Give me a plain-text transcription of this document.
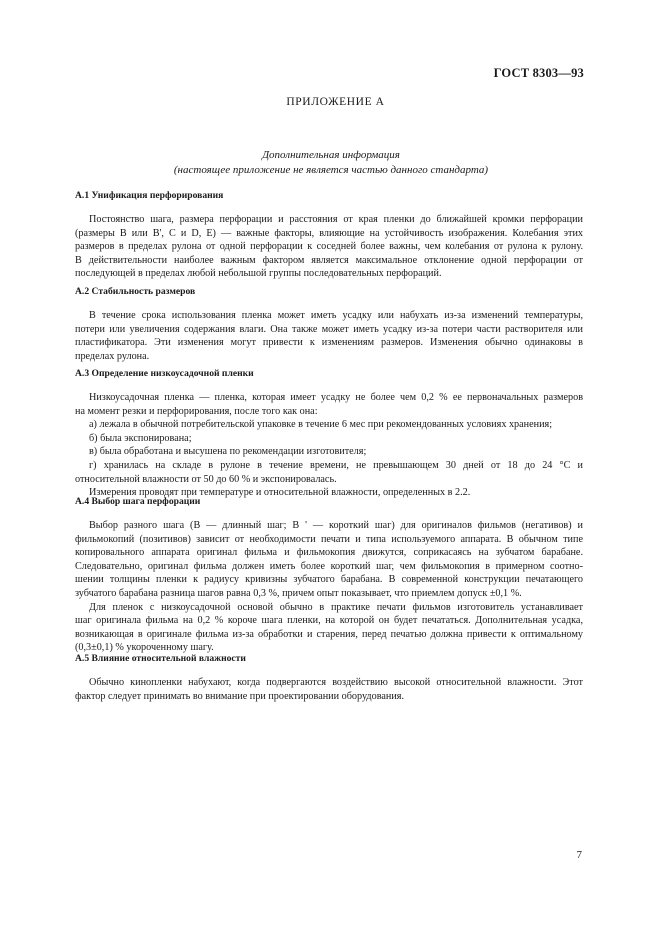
ГОСТ 8303—93
ПРИЛОЖЕНИЕ А
Дополнительная информация
(настоящее приложение не является частью данного стандарта)
А.1 Унификация перфорирования
Постоянство шага, размера перфорации и расстояния от края пленки до ближайшей кромки перфорации
(размеры B или B', C и D, E) — важные факторы, влияющие на устойчивость изображения. Колебания этих
размеров в пределах рулона от одной перфорации к соседней более важны, чем колебания от рулона к рулону.
В действительности наиболее важным фактором является максимальное отклонение одной перфорации от
последующей в пределах любой небольшой группы последовательных перфораций.
А.2 Стабильность размеров
В течение срока использования пленка может иметь усадку или набухать из-за изменений температуры,
потери или увеличения содержания влаги. Она также может иметь усадку из-за потери части растворителя или
пластификатора. Эти изменения могут привести к изменениям размеров. Изменения обычно одинаковы в
пределах рулона.
А.3 Определение низкоусадочной пленки
Низкоусадочная пленка — пленка, которая имеет усадку не более чем 0,2 % ее первоначальных размеров
на момент резки и перфорирования, после того как она:
а) лежала в обычной потребительской упаковке в течение 6 мес при рекомендованных условиях хранения;
б) была экспонирована;
в) была обработана и высушена по рекомендации изготовителя;
г) хранилась на складе в рулоне в течение времени, не превышающем 30 дней от 18 до 24 °С и
относительной влажности от 50 до 60 % и экспонировалась.
Измерения проводят при температуре и относительной влажности, определенных в 2.2.
А.4 Выбор шага перфорации
Выбор разного шага (B — длинный шаг; B ' — короткий шаг) для оригиналов фильмов (негативов) и
фильмокопий (позитивов) зависит от необходимости печати и типа используемого аппарата. В обычном типе
копировального аппарата оригинал фильма и фильмокопия движутся, соприкасаясь на зубчатом барабане.
Следовательно, оригинал фильма должен иметь более короткий шаг, чем фильмокопия в примерном соотно-
шении толщины пленки к радиусу кривизны зубчатого барабана. В современной конструкции печатающего
зубчатого барабана разница шагов равна 0,3 %, причем опыт показывает, что приемлем допуск ±0,1 %.
Для пленок с низкоусадочной основой обычно в практике печати фильмов изготовитель устанавливает
шаг оригинала фильма на 0,2 % короче шага пленки, на которой он будет печататься. Дополнительная усадка,
возникающая в оригинале фильма из-за обработки и старения, перед печатью должна привести к оптимальному
(0,3±0,1) % укороченному шагу.
А.5 Влияние относительной влажности
Обычно кинопленки набухают, когда подвергаются воздействию высокой относительной влажности. Этот
фактор следует принимать во внимание при проектировании оборудования.
7
